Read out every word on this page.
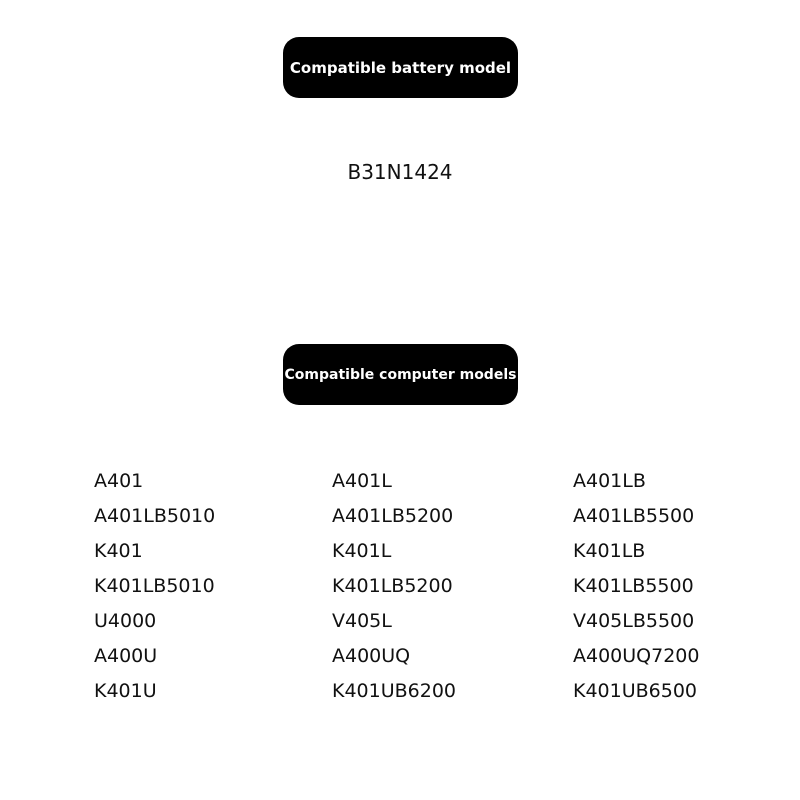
Compatible battery model
B31N1424
Compatible computer models
A401
A401LB5010
K401
K401LB5010
U4000
A400U
K401U
A401L
A401LB5200
K401L
K401LB5200
V405L
A400UQ
K401UB6200
A401LB
A401LB5500
K401LB
K401LB5500
V405LB5500
A400UQ7200
K401UB6500
